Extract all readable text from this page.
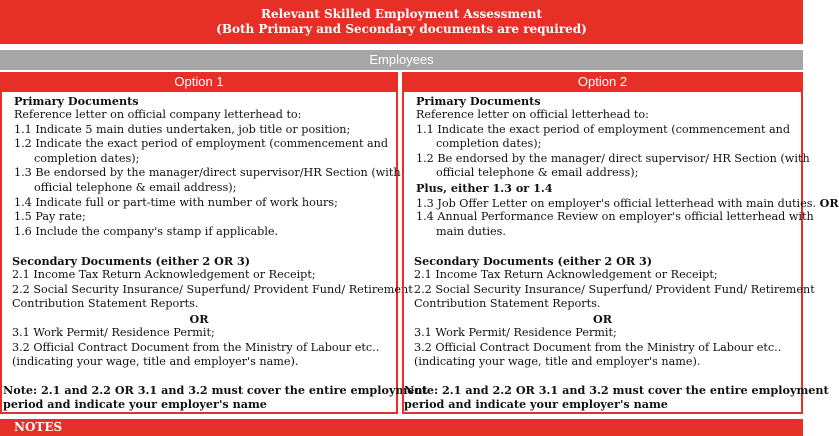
Relevant Skilled Employment Assessment
(Both Primary and Secondary documents are required)
Employees
Option 1	Option 2
Primary Documents
Reference letter on official company letterhead to:
1.1 Indicate 5 main duties undertaken, job title or position;
1.2 Indicate the exact period of employment (commencement and
completion dates);
1.3 Be endorsed by the manager/direct supervisor/HR Section (with
official telephone & email address);
1.4 Indicate full or part-time with number of work hours;
1.5 Pay rate;
1.6 Include the company's stamp if applicable.
Secondary Documents (either 2 OR 3)
2.1 Income Tax Return Acknowledgement or Receipt;
2.2 Social Security Insurance/ Superfund/ Provident Fund/ Retirement
Contribution Statement Reports.
OR
3.1 Work Permit/ Residence Permit;
3.2 Official Contract Document from the Ministry of Labour etc..
(indicating your wage, title and employer's name).
Note: 2.1 and 2.2 OR 3.1 and 3.2 must cover the entire employment
period and indicate your employer's name
Primary Documents
Reference letter on official letterhead to:
1.1 Indicate the exact period of employment (commencement and
completion dates);
1.2 Be endorsed by the manager/ direct supervisor/ HR Section (with
official telephone & email address);
Plus, either 1.3 or 1.4
1.3 Job Offer Letter on employer's official letterhead with main duties. OR
1.4 Annual Performance Review on employer's official letterhead with
main duties.
Secondary Documents (either 2 OR 3)
2.1 Income Tax Return Acknowledgement or Receipt;
2.2 Social Security Insurance/ Superfund/ Provident Fund/ Retirement
Contribution Statement Reports.
OR
3.1 Work Permit/ Residence Permit;
3.2 Official Contract Document from the Ministry of Labour etc..
(indicating your wage, title and employer's name).
Note: 2.1 and 2.2 OR 3.1 and 3.2 must cover the entire employment
period and indicate your employer's name
NOTES
